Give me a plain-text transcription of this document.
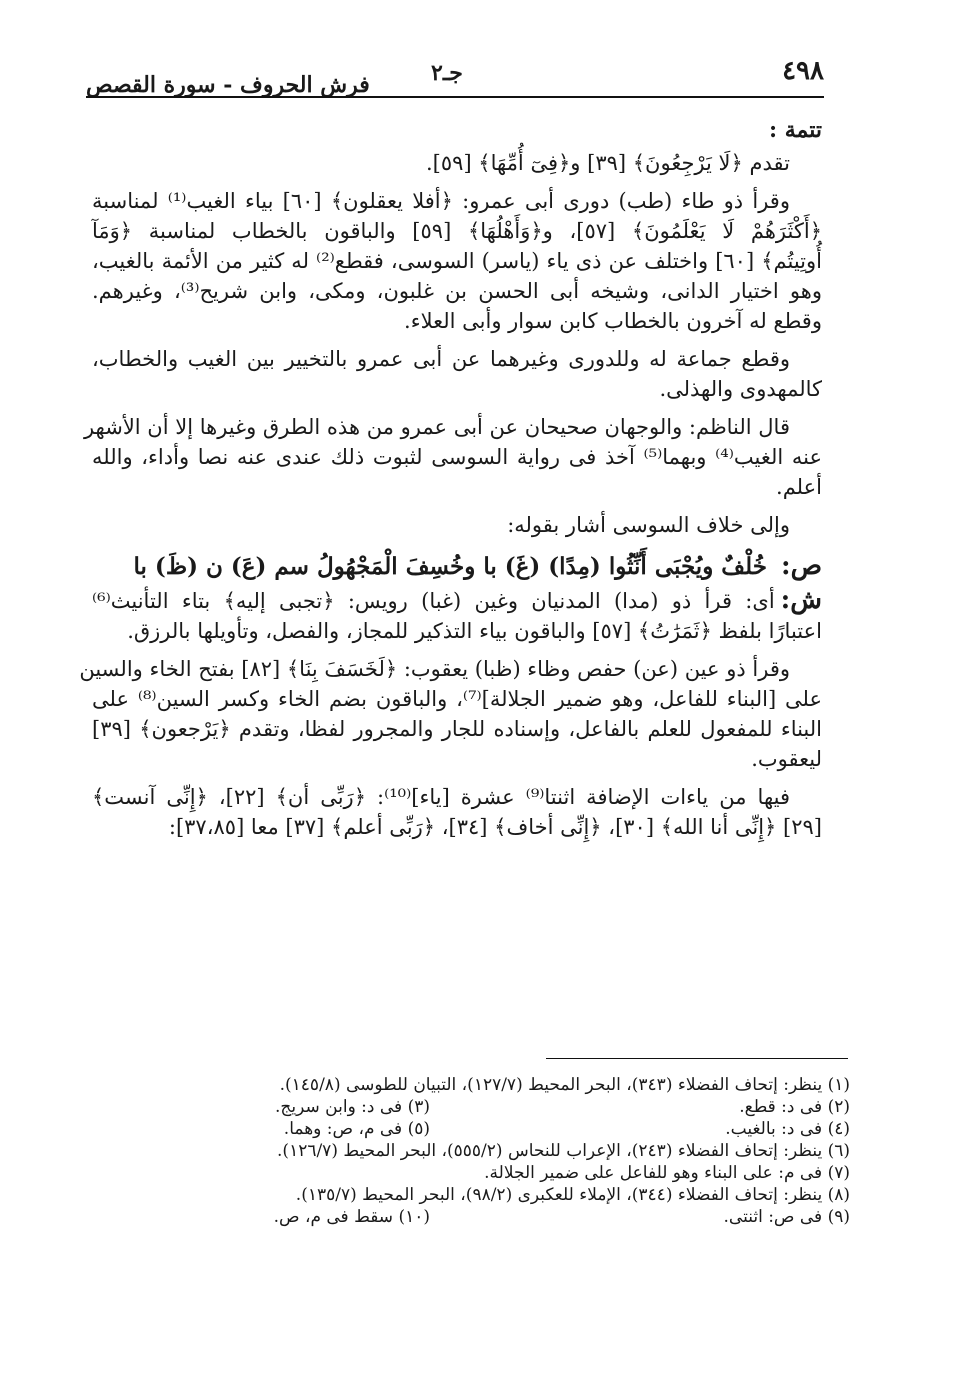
٤٩٨
جـ٢
فرش الحروف - سورة القصص
تتمة :
تقدم ﴿لَا يَرْجِعُونَ﴾ [٣٩] و﴿فِىٓ أُمِّهَا﴾ [٥٩].
وقرأ ذو طاء (طب) دورى أبى عمرو: ﴿أفلا يعقلون﴾ [٦٠] بياء الغيب⁽¹⁾ لمناسبة
﴿أَكْثَرَهُمْ لَا يَعْلَمُونَ﴾ [٥٧]، و﴿وَأَهْلُهَا﴾ [٥٩] والباقون بالخطاب لمناسبة ﴿وَمَآ
أُوتِيتُم﴾ [٦٠] واختلف عن ذى ياء (ياسر) السوسى، فقطع⁽²⁾ له كثير من الأئمة بالغيب،
وهو اختيار الدانى، وشيخه أبى الحسن بن غلبون، ومكى، وابن شريح⁽³⁾، وغيرهم.
وقطع له آخرون بالخطاب كابن سوار وأبى العلاء.
وقطع جماعة له وللدورى وغيرهما عن أبى عمرو بالتخيير بين الغيب والخطاب،
كالمهدوى والهذلى.
قال الناظم: والوجهان صحيحان عن أبى عمرو من هذه الطرق وغيرها إلا أن الأشهر
عنه الغيب⁽⁴⁾ وبهما⁽⁵⁾ آخذ فى رواية السوسى لثبوت ذلك عندى عنه نصا وأداء، والله
أعلم.
وإلى خلاف السوسى أشار بقوله:
ص: خُلْفٌ ويُجْبَى أَنِّثُوا (مِدًا) (غَ) با وخُسِفَ الْمَجْهُولُ سم (عَ) ن (ظَ) با
ش:أى: قرأ ذو (مدا) المدنيان وغين (غبا) رويس: ﴿تجبى إليه﴾ بتاء التأنيث⁽⁶⁾
اعتبارًا بلفظ ﴿ثَمَرَٰتُ﴾ [٥٧] والباقون بياء التذكير للمجاز، والفصل، وتأويلها بالرزق.
وقرأ ذو عين (عن) حفص وظاء (ظبا) يعقوب: ﴿لَخَسَفَ بِنَا﴾ [٨٢] بفتح الخاء والسين
على [البناء للفاعل، وهو ضمير الجلالة]⁽⁷⁾، والباقون بضم الخاء وكسر السين⁽⁸⁾ على
البناء للمفعول للعلم بالفاعل، وإسناده للجار والمجرور لفظا، وتقدم ﴿يَرْجعون﴾ [٣٩]
ليعقوب.
فيها من ياءات الإضافة اثنتا⁽⁹⁾ عشرة [ياء]⁽¹⁰⁾: ﴿رَبِّى أن﴾ [٢٢]، ﴿إِنِّى آنست﴾
[٢٩] ﴿إِنِّى أنا الله﴾ [٣٠]، ﴿إِنِّى أخاف﴾ [٣٤]، ﴿رَبِّى أعلم﴾ [٣٧] معا [٣٧،٨٥]:
(١) ينظر: إتحاف الفضلاء (٣٤٣)، البحر المحيط (١٢٧/٧)، التبيان للطوسى (١٤٥/٨).
(٢) فى د: قطع.
(٣) فى د: وابن سريج.
(٤) فى د: بالغيب.
(٥) فى م، ص: وهما.
(٦) ينظر: إتحاف الفضلاء (٢٤٣)، الإعراب للنحاس (٥٥٥/٢)، البحر المحيط (١٢٦/٧).
(٧) فى م: على البناء وهو للفاعل على ضمير الجلالة.
(٨) ينظر: إتحاف الفضلاء (٣٤٤)، الإملاء للعكبرى (٩٨/٢)، البحر المحيط (١٣٥/٧).
(٩) فى ص: اثنتى.
(١٠) سقط فى م، ص.
